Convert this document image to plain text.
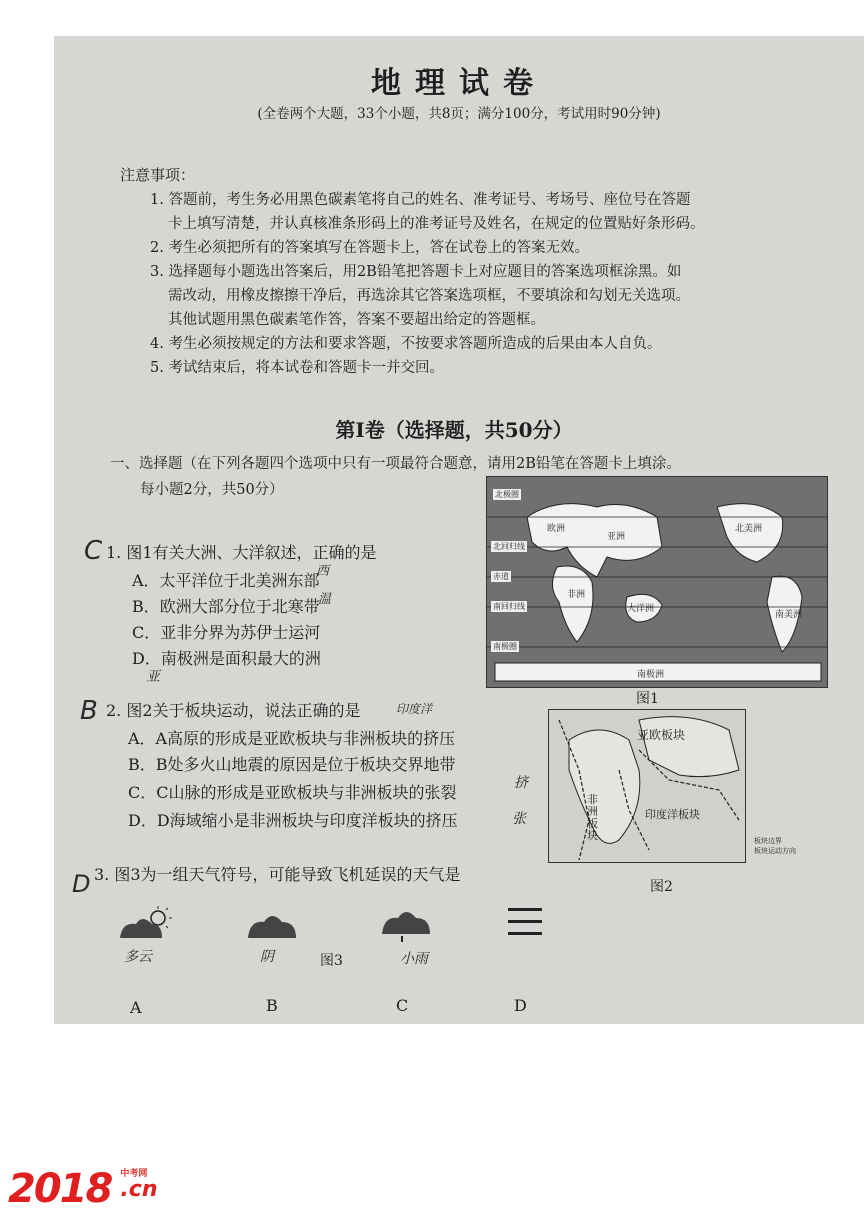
地理试卷
(全卷两个大题，33个小题，共8页；满分100分，考试用时90分钟)
注意事项：
1. 答题前，考生务必用黑色碳素笔将自己的姓名、准考证号、考场号、座位号在答题
卡上填写清楚，并认真核准条形码上的准考证号及姓名，在规定的位置贴好条形码。
2. 考生必须把所有的答案填写在答题卡上，答在试卷上的答案无效。
3. 选择题每小题选出答案后，用2B铅笔把答题卡上对应题目的答案选项框涂黑。如
需改动，用橡皮擦擦干净后，再选涂其它答案选项框，不要填涂和勾划无关选项。
其他试题用黑色碳素笔作答，答案不要超出给定的答题框。
4. 考生必须按规定的方法和要求答题，不按要求答题所造成的后果由本人自负。
5. 考试结束后，将本试卷和答题卡一并交回。
第Ⅰ卷（选择题，共50分）
一、选择题（在下列各题四个选项中只有一项最符合题意，请用2B铅笔在答题卡上填涂。
每小题2分，共50分）
C 1. 图1有关大洲、大洋叙述，正确的是
A．太平洋位于北美洲东部
B．欧洲大部分位于北寒带
C．亚非分界为苏伊士运河
D．南极洲是面积最大的洲
西
温
亚
北极圈
北回归线
赤道
南回归线
南极圈
欧洲
亚洲
非洲
大洋洲
南极洲
北美洲
南美洲
图1
B 2. 图2关于板块运动，说法正确的是	印度洋
A．A高原的形成是亚欧板块与非洲板块的挤压
B．B处多火山地震的原因是位于板块交界地带
C．C山脉的形成是亚欧板块与非洲板块的张裂
D．D海域缩小是非洲板块与印度洋板块的挤压
挤
张
亚欧板块
非洲板块
印度洋板块
板块边界
板块运动方向
图2
D 3. 图3为一组天气符号，可能导致飞机延误的天气是
多云	阴	图3	小雨
A	B	C	D
2018 中考网
.cn
